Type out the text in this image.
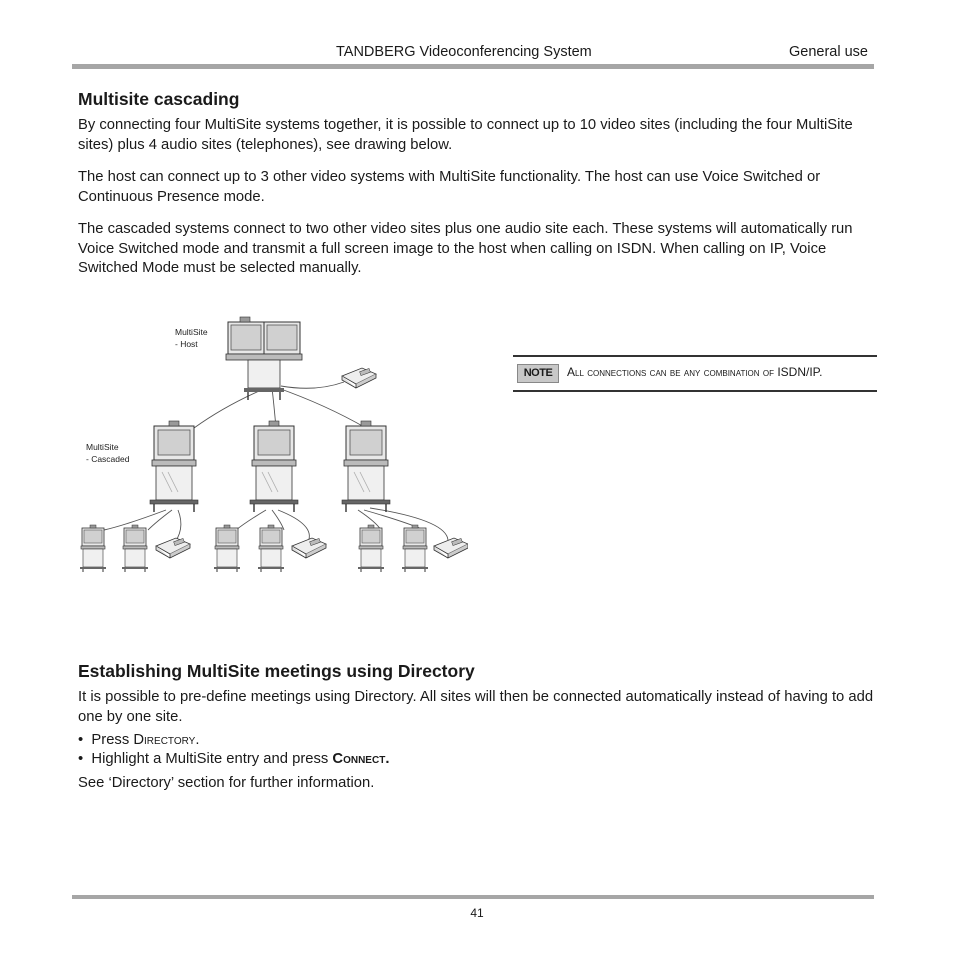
TANDBERG Videoconferencing System	General use
Multisite cascading

By connecting four MultiSite systems together, it is possible to connect up to 10 video sites (including the four MultiSite sites) plus 4 audio sites (telephones), see drawing below.

The host can connect up to 3 other video systems with MultiSite functionality. The host can use Voice Switched or Continuous Presence mode.

The cascaded systems connect to two other video sites plus one audio site each. These systems will automatically run Voice Switched mode and transmit a full screen image to the host when calling on ISDN. When calling on IP, Voice Switched Mode must be selected manually.

MultiSite
- Host
MultiSite
- Cascaded
NOTE	All connections can be any combination of ISDN/IP.
Establishing MultiSite meetings using Directory

It is possible to pre-define meetings using Directory. All sites will then be connected automatically instead of having to add one by one site.

•  Press Directory.
•  Highlight a MultiSite entry and press Connect.

See ‘Directory’ section for further information.

41
